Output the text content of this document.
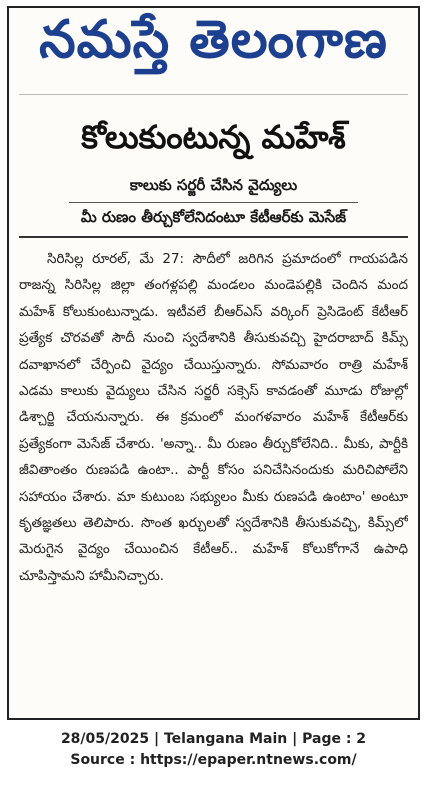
నమస్తే తెలంగాణ
కోలుకుంటున్న మహేశ్
కాలుకు సర్జరీ చేసిన వైద్యులు
మీ రుణం తీర్చుకోలేనిదంటూ కేటీఆర్‌కు మెసేజ్
సిరిసిల్ల రూరల్, మే 27: సౌదీలో జరిగిన ప్రమాదంలో గాయపడిన రాజన్న సిరిసిల్ల జిల్లా తంగళ్లపల్లి మండలం మండెపల్లికి చెందిన మంద మహేశ్ కోలుకుంటున్నాడు. ఇటీవలే బీఆర్‌ఎస్ వర్కింగ్ ప్రెసిడెంట్ కేటీఆర్ ప్రత్యేక చొరవతో సౌదీ నుంచి స్వదేశానికి తీసుకువచ్చి హైదరాబాద్ కిమ్స్ దవాఖానలో చేర్పించి వైద్యం చేయిస్తున్నారు. సోమవారం రాత్రి మహేశ్ ఎడమ కాలుకు వైద్యులు చేసిన సర్జరీ సక్సెస్ కావడంతో మూడు రోజుల్లో డిశ్చార్జి చేయనున్నారు. ఈ క్రమంలో మంగళవారం మహేశ్ కేటీఆర్‌కు ప్రత్యేకంగా మెసేజ్ చేశారు. 'అన్నా.. మీ రుణం తీర్చుకోలేనిది.. మీకు, పార్టీకి జీవితాంతం రుణపడి ఉంటా.. పార్టీ కోసం పనిచేసినందుకు మరిచిపోలేని సహాయం చేశారు. మా కుటుంబ సభ్యులం మీకు రుణపడి ఉంటాం' అంటూ కృతజ్ఞతలు తెలిపారు. సొంత ఖర్చులతో స్వదేశానికి తీసుకువచ్చి, కిమ్స్‌లో మెరుగైన వైద్యం చేయించిన కేటీఆర్.. మహేశ్ కోలుకోగానే ఉపాధి చూపిస్తామని హామీనిచ్చారు.
28/05/2025 | Telangana Main | Page : 2
Source : https://epaper.ntnews.com/
